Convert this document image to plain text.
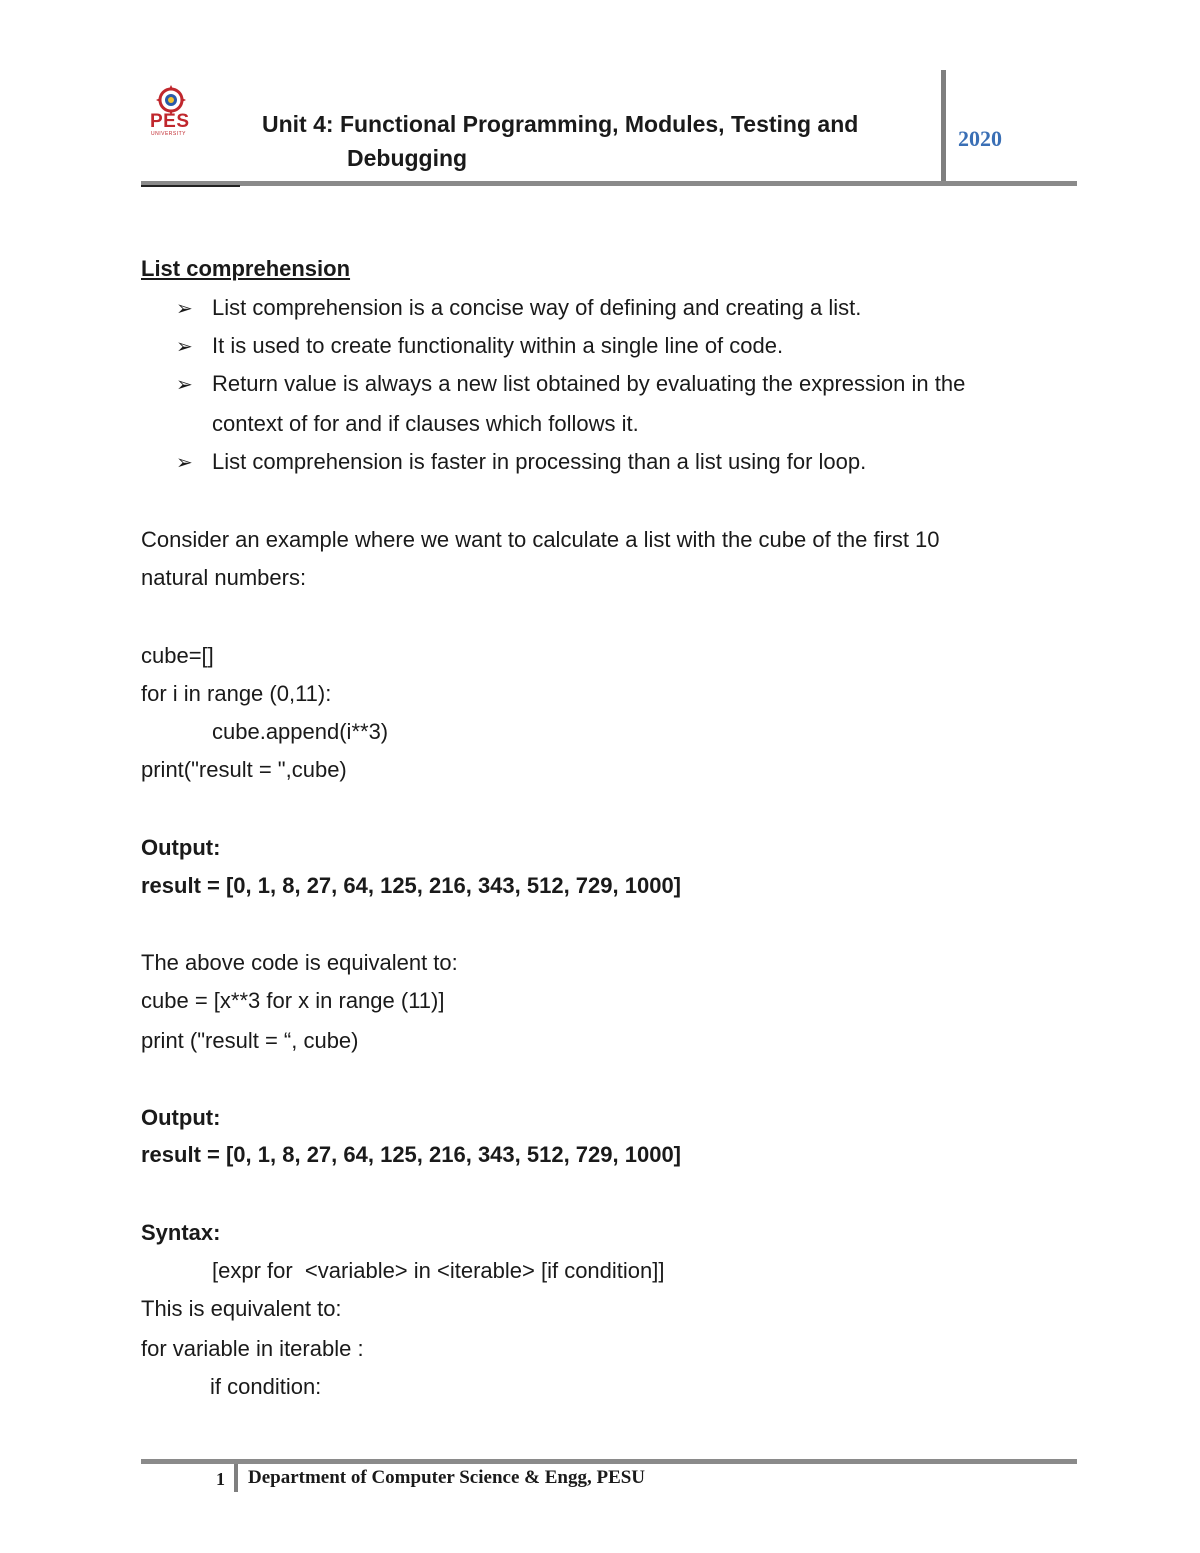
PES
UNIVERSITY	Unit 4: Functional Programming, Modules, Testing and
Debugging
2020
List comprehension
➢ List comprehension is a concise way of defining and creating a list.
➢ It is used to create functionality within a single line of code.
➢ Return value is always a new list obtained by evaluating the expression in the
context of for and if clauses which follows it.
➢ List comprehension is faster in processing than a list using for loop.
Consider an example where we want to calculate a list with the cube of the first 10
natural numbers:
cube=[]
for i in range (0,11):
cube.append(i**3)
print("result = ",cube)
Output:
result = [0, 1, 8, 27, 64, 125, 216, 343, 512, 729, 1000]
The above code is equivalent to:
cube = [x**3 for x in range (11)]
print ("result = “, cube)
Output:
result = [0, 1, 8, 27, 64, 125, 216, 343, 512, 729, 1000]
Syntax:
[expr for  <variable> in <iterable> [if condition]]
This is equivalent to:
for variable in iterable :
if condition:
1 Department of Computer Science & Engg, PESU
